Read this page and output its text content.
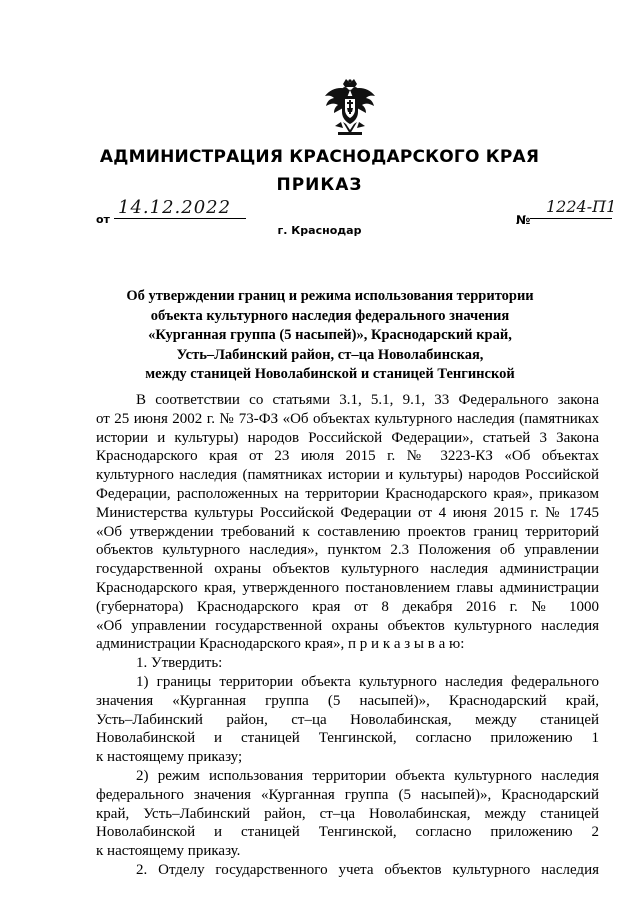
АДМИНИСТРАЦИЯ КРАСНОДАРСКОГО КРАЯ
ПРИКАЗ
от
14.12.2022
№
1224-П1
г. Краснодар
Об утверждении границ и режима использования территории
объекта культурного наследия федерального значения
«Курганная группа (5 насыпей)», Краснодарский край,
Усть–Лабинский район, ст–ца Новолабинская,
между станицей Новолабинской и станицей Тенгинской
В соответствии со статьями 3.1, 5.1, 9.1, 33 Федерального закона
от 25 июня 2002 г. № 73-ФЗ «Об объектах культурного наследия (памятниках
истории и культуры) народов Российской Федерации», статьей 3 Закона
Краснодарского края от 23 июля 2015 г. № 3223-КЗ «Об объектах
культурного наследия (памятниках истории и культуры) народов Российской
Федерации, расположенных на территории Краснодарского края», приказом
Министерства культуры Российской Федерации от 4 июня 2015 г. № 1745
«Об утверждении требований к составлению проектов границ территорий
объектов культурного наследия», пунктом 2.3 Положения об управлении
государственной охраны объектов культурного наследия администрации
Краснодарского края, утвержденного постановлением главы администрации
(губернатора) Краснодарского края от 8 декабря 2016 г. № 1000
«Об управлении государственной охраны объектов культурного наследия
администрации Краснодарского края», п р и к а з ы в а ю:
1. Утвердить:
1) границы территории объекта культурного наследия федерального
значения «Курганная группа (5 насыпей)», Краснодарский край,
Усть–Лабинский район, ст–ца Новолабинская, между станицей
Новолабинской и станицей Тенгинской, согласно приложению 1
к настоящему приказу;
2) режим использования территории объекта культурного наследия
федерального значения «Курганная группа (5 насыпей)», Краснодарский
край, Усть–Лабинский район, ст–ца Новолабинская, между станицей
Новолабинской и станицей Тенгинской, согласно приложению 2
к настоящему приказу.
2. Отделу государственного учета объектов культурного наследия
